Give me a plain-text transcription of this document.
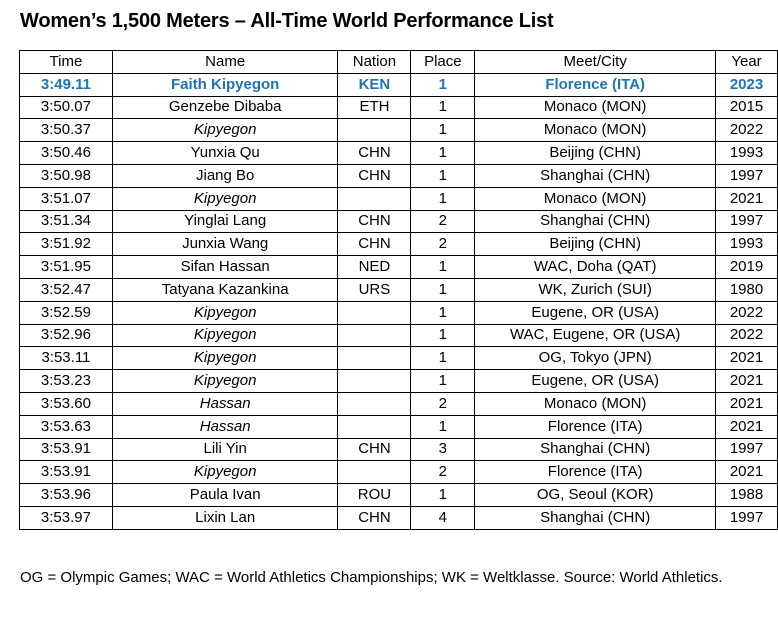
Women’s 1,500 Meters – All-Time World Performance List
Time	Name	Nation	Place	Meet/City	Year
3:49.11	Faith Kipyegon	KEN	1	Florence (ITA)	2023
3:50.07	Genzebe Dibaba	ETH	1	Monaco (MON)	2015
3:50.37	Kipyegon		1	Monaco (MON)	2022
3:50.46	Yunxia Qu	CHN	1	Beijing (CHN)	1993
3:50.98	Jiang Bo	CHN	1	Shanghai (CHN)	1997
3:51.07	Kipyegon		1	Monaco (MON)	2021
3:51.34	Yinglai Lang	CHN	2	Shanghai (CHN)	1997
3:51.92	Junxia Wang	CHN	2	Beijing (CHN)	1993
3:51.95	Sifan Hassan	NED	1	WAC, Doha (QAT)	2019
3:52.47	Tatyana Kazankina	URS	1	WK, Zurich (SUI)	1980
3:52.59	Kipyegon		1	Eugene, OR (USA)	2022
3:52.96	Kipyegon		1	WAC, Eugene, OR (USA)	2022
3:53.11	Kipyegon		1	OG, Tokyo (JPN)	2021
3:53.23	Kipyegon		1	Eugene, OR (USA)	2021
3:53.60	Hassan		2	Monaco (MON)	2021
3:53.63	Hassan		1	Florence (ITA)	2021
3:53.91	Lili Yin	CHN	3	Shanghai (CHN)	1997
3:53.91	Kipyegon		2	Florence (ITA)	2021
3:53.96	Paula Ivan	ROU	1	OG, Seoul (KOR)	1988
3:53.97	Lixin Lan	CHN	4	Shanghai (CHN)	1997
OG = Olympic Games; WAC = World Athletics Championships; WK = Weltklasse. Source: World Athletics.
